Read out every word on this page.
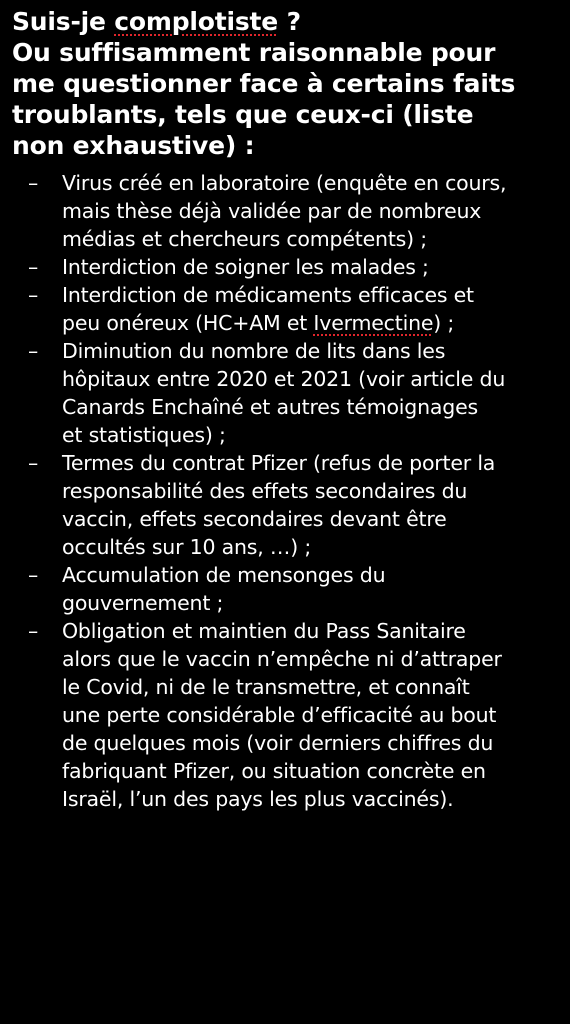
Suis-je complotiste ?
Ou suffisamment raisonnable pour
me questionner face à certains faits
troublants, tels que ceux-ci (liste
non exhaustive) :
–	Virus créé en laboratoire (enquête en cours,
mais thèse déjà validée par de nombreux
médias et chercheurs compétents) ;
–	Interdiction de soigner les malades ;
–	Interdiction de médicaments efficaces et
peu onéreux (HC+AM et Ivermectine) ;
–	Diminution du nombre de lits dans les
hôpitaux entre 2020 et 2021 (voir article du
Canards Enchaîné et autres témoignages
et statistiques) ;
–	Termes du contrat Pfizer (refus de porter la
responsabilité des effets secondaires du
vaccin, effets secondaires devant être
occultés sur 10 ans, …) ;
–	Accumulation de mensonges du
gouvernement ;
–	Obligation et maintien du Pass Sanitaire
alors que le vaccin n’empêche ni d’attraper
le Covid, ni de le transmettre, et connaît
une perte considérable d’efficacité au bout
de quelques mois (voir derniers chiffres du
fabriquant Pfizer, ou situation concrète en
Israël, l’un des pays les plus vaccinés).
